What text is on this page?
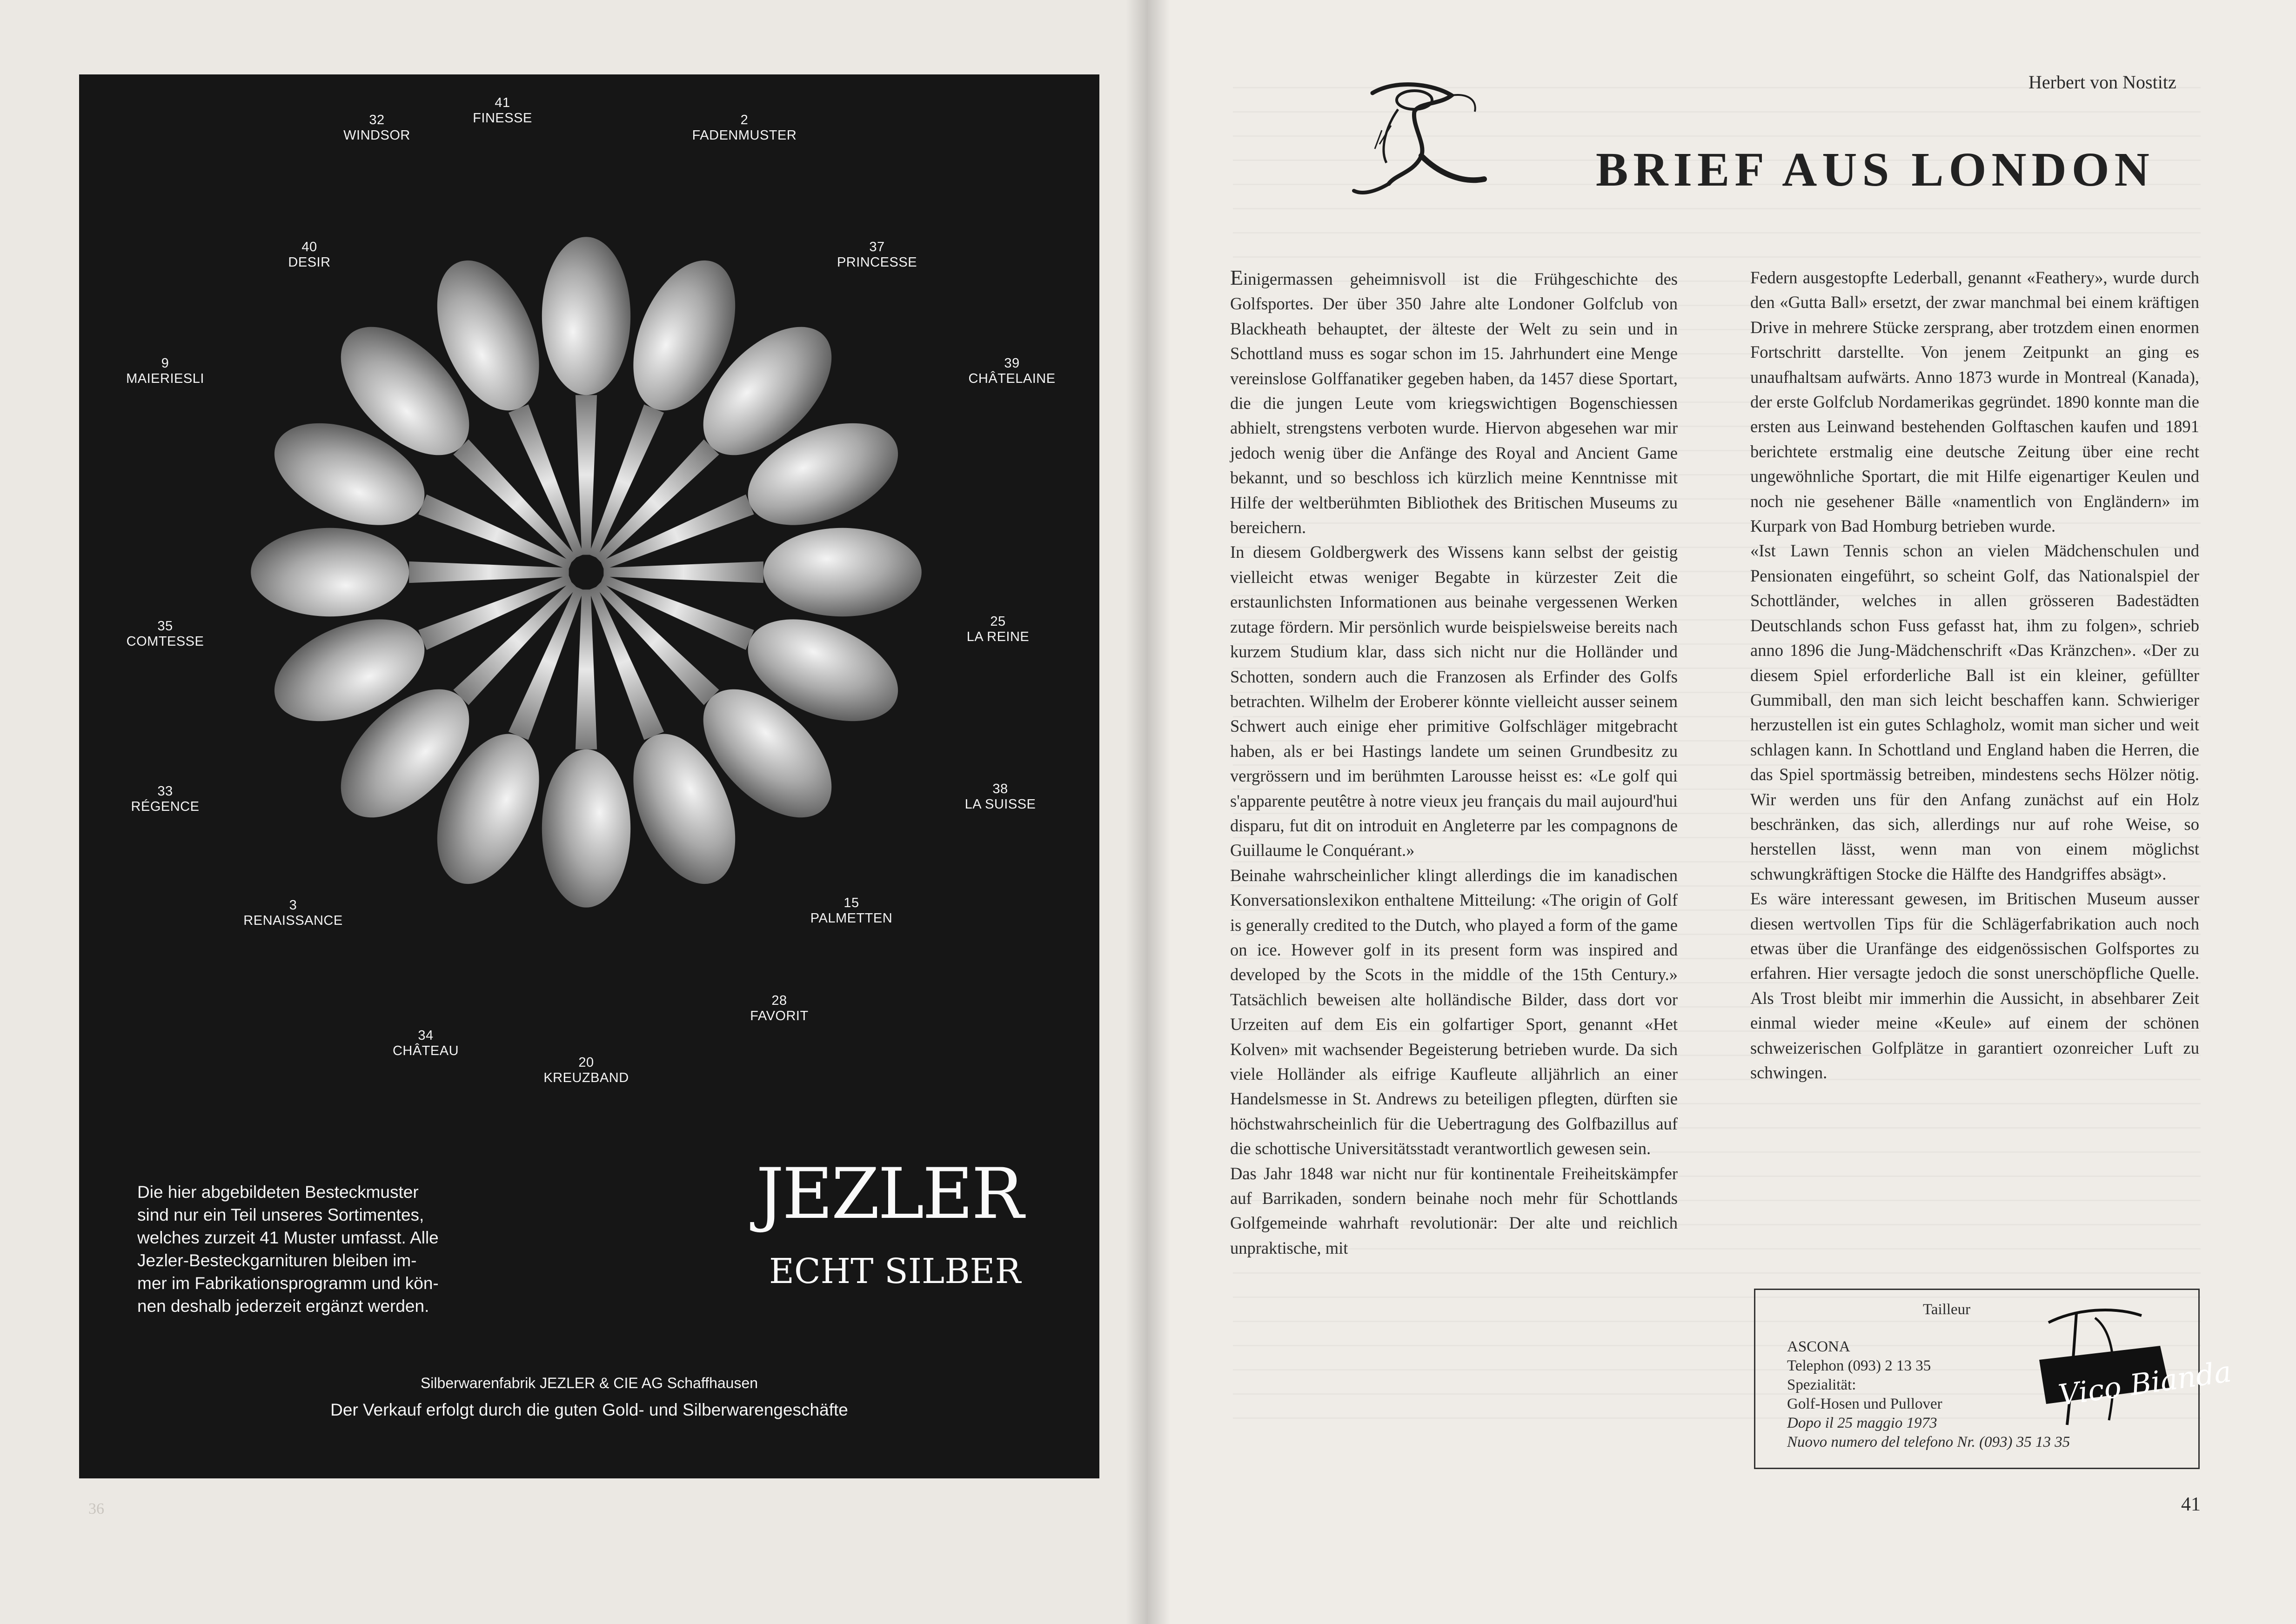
41
FINESSE	2
FADENMUSTER
37
PRINCESSE
39
CHÂTELAINE
25
LA REINE
38
LA SUISSE
15
PALMETTEN
28
FAVORIT
20
KREUZBAND
34
CHÂTEAU
3
RENAISSANCE
33
RÉGENCE
35
COMTESSE
9
MAIERIESLI
40
DESIR
32
WINDSOR
Die hier abgebildeten Besteckmuster
sind nur ein Teil unseres Sortimentes,
welches zurzeit 41 Muster umfasst. Alle
Jezler-Besteckgarnituren bleiben im-
mer im Fabrikationsprogramm und kön-
nen deshalb jederzeit ergänzt werden.
JEZLER
ECHT SILBER
Silberwarenfabrik JEZLER & CIE AG Schaffhausen
Der Verkauf erfolgt durch die guten Gold- und Silberwarengeschäfte
36
Herbert von Nostitz
BRIEF AUS LONDON

Einigermassen geheimnisvoll ist die Frühgeschichte des Golfsportes. Der über 350 Jahre alte Londoner Golfclub von Blackheath behauptet, der älteste der Welt zu sein und in Schottland muss es sogar schon im 15. Jahrhundert eine Menge vereinslose Golffanatiker gegeben haben, da 1457 diese Sportart, die die jungen Leute vom kriegswichtigen Bogenschiessen abhielt, strengstens verboten wurde. Hiervon abgesehen war mir jedoch wenig über die Anfänge des Royal and Ancient Game bekannt, und so beschloss ich kürzlich meine Kenntnisse mit Hilfe der weltberühmten Bibliothek des Britischen Museums zu bereichern.

In diesem Goldbergwerk des Wissens kann selbst der geistig vielleicht etwas weniger Begabte in kürzester Zeit die erstaunlichsten Informationen aus beinahe vergessenen Werken zutage fördern. Mir persönlich wurde beispielsweise bereits nach kurzem Studium klar, dass sich nicht nur die Holländer und Schotten, sondern auch die Franzosen als Erfinder des Golfs betrachten. Wilhelm der Eroberer könnte vielleicht ausser seinem Schwert auch einige eher primitive Golfschläger mitgebracht haben, als er bei Hastings landete um seinen Grundbesitz zu vergrössern und im berühmten Larousse heisst es: «Le golf qui s'apparente peutêtre à notre vieux jeu français du mail aujourd'hui disparu, fut dit on introduit en Angleterre par les compagnons de Guillaume le Conquérant.»

Beinahe wahrscheinlicher klingt allerdings die im kanadischen Konversationslexikon enthaltene Mitteilung: «The origin of Golf is generally credited to the Dutch, who played a form of the game on ice. However golf in its present form was inspired and developed by the Scots in the middle of the 15th Century.» Tatsächlich beweisen alte holländische Bilder, dass dort vor Urzeiten auf dem Eis ein golfartiger Sport, genannt «Het Kolven» mit wachsender Begeisterung betrieben wurde. Da sich viele Holländer als eifrige Kaufleute alljährlich an einer Handelsmesse in St. Andrews zu beteiligen pflegten, dürften sie höchstwahrscheinlich für die Uebertragung des Golfbazillus auf die schottische Universitätsstadt verantwortlich gewesen sein.

Das Jahr 1848 war nicht nur für kontinentale Freiheitskämpfer auf Barrikaden, sondern beinahe noch mehr für Schottlands Golfgemeinde wahrhaft revolutionär: Der alte und reichlich unpraktische, mit

Federn ausgestopfte Lederball, genannt «Feathery», wurde durch den «Gutta Ball» ersetzt, der zwar manchmal bei einem kräftigen Drive in mehrere Stücke zersprang, aber trotzdem einen enormen Fortschritt darstellte. Von jenem Zeitpunkt an ging es unaufhaltsam aufwärts. Anno 1873 wurde in Montreal (Kanada), der erste Golfclub Nordamerikas gegründet. 1890 konnte man die ersten aus Leinwand bestehenden Golftaschen kaufen und 1891 berichtete erstmalig eine deutsche Zeitung über eine recht ungewöhnliche Sportart, die mit Hilfe eigenartiger Keulen und noch nie gesehener Bälle «namentlich von Engländern» im Kurpark von Bad Homburg betrieben wurde.

«Ist Lawn Tennis schon an vielen Mädchenschulen und Pensionaten eingeführt, so scheint Golf, das Nationalspiel der Schottländer, welches in allen grösseren Badestädten Deutschlands schon Fuss gefasst hat, ihm zu folgen», schrieb anno 1896 die Jung-Mädchenschrift «Das Kränzchen». «Der zu diesem Spiel erforderliche Ball ist ein kleiner, gefüllter Gummiball, den man sich leicht beschaffen kann. Schwieriger herzustellen ist ein gutes Schlagholz, womit man sicher und weit schlagen kann. In Schottland und England haben die Herren, die das Spiel sportmässig betreiben, mindestens sechs Hölzer nötig. Wir werden uns für den Anfang zunächst auf ein Holz beschränken, das sich, allerdings nur auf rohe Weise, so herstellen lässt, wenn man von einem möglichst schwungkräftigen Stocke die Hälfte des Handgriffes absägt».

Es wäre interessant gewesen, im Britischen Museum ausser diesen wertvollen Tips für die Schlägerfabrikation auch noch etwas über die Uranfänge des eidgenössischen Golfsportes zu erfahren. Hier versagte jedoch die sonst unerschöpfliche Quelle. Als Trost bleibt mir immerhin die Aussicht, in absehbarer Zeit einmal wieder meine «Keule» auf einem der schönen schweizerischen Golfplätze in garantiert ozonreicher Luft zu schwingen.

Tailleur
ASCONA
Telephon (093) 2 13 35
Spezialität:
Golf-Hosen und Pullover
Dopo il 25 maggio 1973
Nuovo numero del telefono Nr. (093) 35 13 35
Vico Bianda
41
